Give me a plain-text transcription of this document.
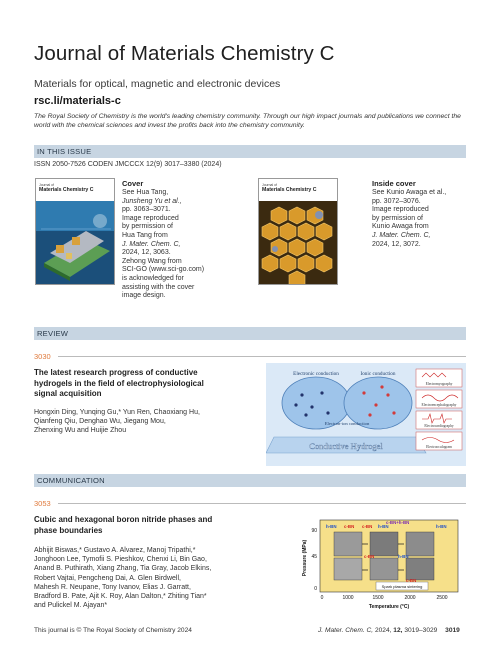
Journal of Materials Chemistry C
Materials for optical, magnetic and electronic devices
rsc.li/materials-c
The Royal Society of Chemistry is the world's leading chemistry community. Through our high impact journals and publications we connect the world with the chemical sciences and invest the profits back into the chemistry community.
IN THIS ISSUE
ISSN 2050-7526 CODEN JMCCCX 12(9) 3017–3380 (2024)
Journal of
Materials Chemistry C
Cover
See Hua Tang,
Junsheng Yu et al.,
pp. 3063–3071.
Image reproduced
by permission of
Hua Tang from
J. Mater. Chem. C,
2024, 12, 3063.
Zehong Wang from
SCI-GO (www.sci-go.com)
is acknowledged for
assisting with the cover
image design.
Journal of
Materials Chemistry C
Inside cover
See Kunio Awaga et al.,
pp. 3072–3076.
Image reproduced
by permission of
Kunio Awaga from
J. Mater. Chem. C,
2024, 12, 3072.
REVIEW
3030
The latest research progress of conductive
hydrogels in the field of electrophysiological
signal acquisition
Hongxin Ding, Yunqing Gu,* Yun Ren, Chaoxiang Hu,
Qianfeng Qiu, Denghao Wu, Jiegang Mou,
Zhenxing Wu and Huijie Zhou
Electronic conduction	Ionic conduction
Electron-ion conduction
Conductive Hydrogel
Electromyography
Electroencephalography
Electrocardiography
Electrooculogram
COMMUNICATION
3053
Cubic and hexagonal boron nitride phases and
phase boundaries
Abhijit Biswas,* Gustavo A. Alvarez, Manoj Tripathi,*
Jonghoon Lee, Tymofii S. Pieshkov, Chenxi Li, Bin Gao,
Anand B. Puthirath, Xiang Zhang, Tia Gray, Jacob Elkins,
Robert Vajtai, Pengcheng Dai, A. Glen Birdwell,
Mahesh R. Neupane, Tony Ivanov, Elias J. Garratt,
Bradford B. Pate, Ajit K. Roy, Alan Dalton,* Zhiting Tian*
and Pulickel M. Ajayan*
Spark plasma sintering
h-BN c-BN c-BN h-BN
c-BN+h-BN
h-BN
c-BN	h-BN
c-BN
90
45
0
Pressure (MPa)
0	1000	1500	2000	2500
Temperature (°C)
This journal is © The Royal Society of Chemistry 2024	J. Mater. Chem. C, 2024, 12, 3019–3029 3019
